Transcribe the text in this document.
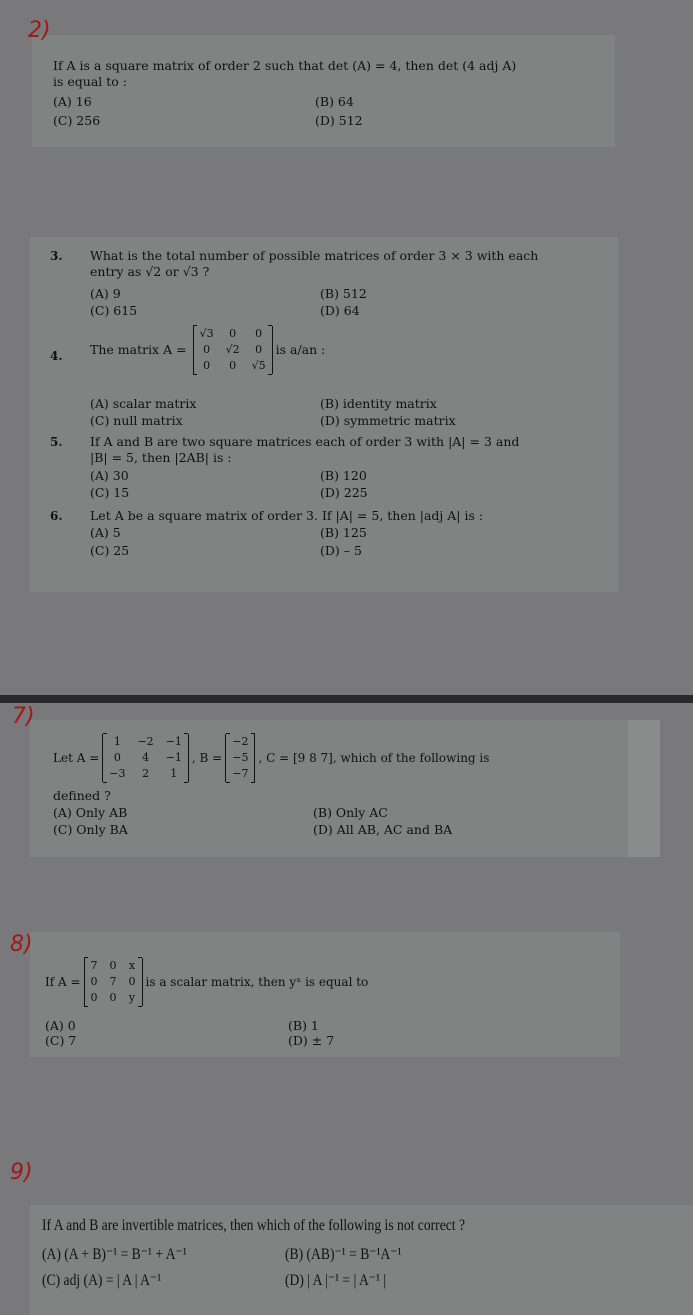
2)
If A is a square matrix of order 2 such that det (A) = 4, then det (4 adj A)
is equal to :
(A) 16	(B) 64
(C) 256	(D) 512
3. What is the total number of possible matrices of order 3 × 3 with each
entry as √2 or √3 ?
(A) 9	(B) 512
(C) 615	(D) 64
4. The matrix A =
√3	0	0
0	√2	0
0	0	√5

is a/an :
(A) scalar matrix	(B) identity matrix
(C) null matrix	(D) symmetric matrix
5. If A and B are two square matrices each of order 3 with |A| = 3 and
|B| = 5, then |2AB| is :
(A) 30	(B) 120
(C) 15	(D) 225
6. Let A be a square matrix of order 3. If |A| = 5, then |adj A| is :
(A) 5	(B) 125
(C) 25	(D) – 5
7)
Let A =
1	−2	−1
0	4	−1
−3	2	1

, B =
−2
−5
−7

, C = [9 8 7], which of the following is
defined ?
(A) Only AB	(B) Only AC
(C) Only BA	(D) All AB, AC and BA
8)
If A =
7	0	x
0	7	0
0	0	y

is a scalar matrix, then yˣ is equal to
(A) 0	(B) 1
(C) 7	(D) ± 7
9)
If A and B are invertible matrices, then which of the following is not correct ?
(A) (A + B)⁻¹ = B⁻¹ + A⁻¹	(B) (AB)⁻¹ = B⁻¹A⁻¹
(C) adj (A) = | A | A⁻¹	(D) | A |⁻¹ = | A⁻¹ |
